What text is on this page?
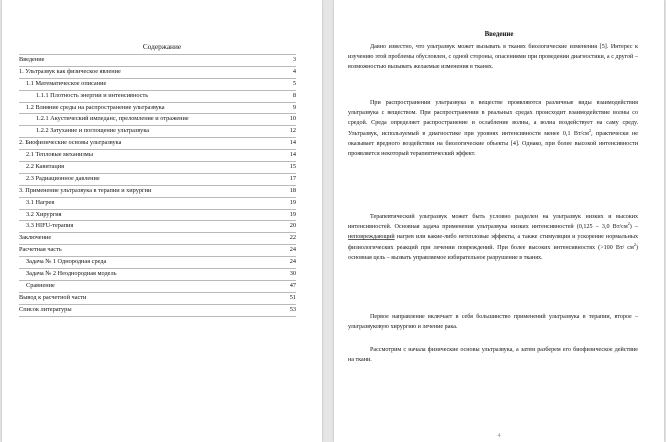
Содержание
Введение	3
1. Ультразвук как физическое явление	4
1.1 Математическое описание	5
1.1.1 Плотность энергии и интенсивность	8
1.2 Влияние среды на распространение ультразвука	9
1.2.1 Акустический импеданс, преломление и отражение	10
1.2.2 Затухание и поглощение ультразвука	12
2. Биофизические основы ультразвука	14
2.1 Тепловые механизмы	14
2.2 Кавитация	15
2.3 Радиационное давление	17
3. Применение ультразвука в терапии и хирургии	18
3.1 Нагрев	19
3.2 Хирургия	19
3.3 HIFU-терапия	20
Заключение	22
Расчетная часть	24
Задача № 1 Однородная среда	24
Задача № 2 Неоднородная модель	30
Сравнение	47
Вывод к расчетной части	51
Список литературы	53
Введение

Давно известно, что ультразвук может вызывать в тканях биологические изменения [5]. Интерес к изучению этой проблемы обусловлен, с одной стороны, опасениями при проведении диагностики, а с другой – возможностью вызывать желаемые изменения в тканях.

При распространении ультразвука в веществе проявляются различные виды взаимодействия ультразвука с веществом. При распространении в реальных средах происходит взаимодействие волны со средой. Среда определяет распространение и ослабление волны, а волна воздействует на саму среду. Ультразвук, используемый в диагностике при уровнях интенсивности менее 0,1 $Вт/см^2$, практически не оказывает вредного воздействия на биологические объекты [4]. Однако, при более высокой интенсивности проявляется некоторый терапевтический эффект.

Терапевтический ультразвук может быть условно разделен на ультразвук низких и высоких интенсивностей. Основная задача применения ультразвука низких интенсивностей (0,125 – 3,0 $Вт/см^2$) – неповреждающий нагрев или какие-либо нетепловые эффекты, а также стимуляция и ускорение нормальных физиологических реакций при лечении повреждений. При более высоких интенсивностях (>100 Вт/ $см^2$) основная цель – вызвать управляемое избирательное разрушение в тканях.

Первое направление включает в себя большинство применений ультразвука в терапии, второе – ультразвуковую хирургию и лечение рака.

Рассмотрим с начала физические основы ультразвука, а затем разберем его биофизическое действие на ткани.

4
